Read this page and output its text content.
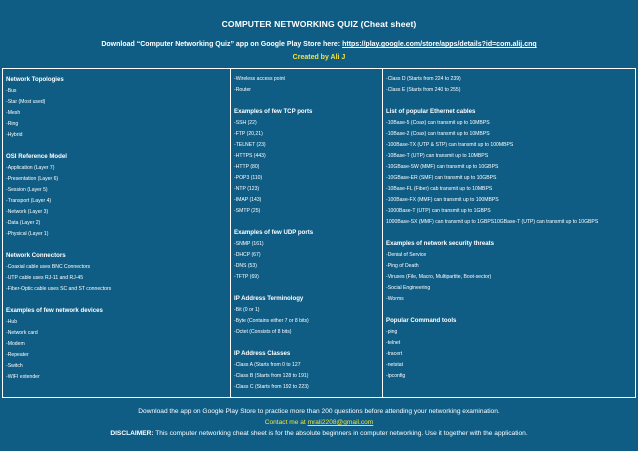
COMPUTER NETWORKING QUIZ (Cheat sheet)
Download “Computer Networking Quiz” app on Google Play Store here: https://play.google.com/store/apps/details?id=com.alij.cnq
Created by Ali J
Network Topologies
-Bus
-Star (Most used)
-Mesh
-Ring
-Hybrid
OSI Reference Model
-Application (Layer 7)
-Presentation (Layer 6)
-Session (Layer 5)
-Transport (Layer 4)
-Network (Layer 3)
-Data (Layer 2)
-Physical (Layer 1)
Network Connectors
-Coaxial cable uses BNC Connectors
-UTP cable uses RJ-11 and RJ-45
-Fiber-Optic cable uses SC and ST connectors
Examples of few network devices
-Hub
-Network card
-Modem
-Repeater
-Switch
-WIFI extender
-Wireless access point
-Router
Examples of few TCP ports
-SSH (22)
-FTP (20,21)
-TELNET (23)
-HTTPS (443)
-HTTP (80)
-POP3 (110)
-NTP (123)
-IMAP (143)
-SMTP (25)
Examples of few UDP ports
-SNMP (161)
-DHCP (67)
-DNS (53)
-TFTP (69)
IP Address Terminology
-Bit (0 or 1)
-Byte (Contains either 7 or 8 bits)
-Octet (Consists of 8 bits)
IP Address Classes
-Class A (Starts from 0 to 127
-Class B (Starts from 128 to 191)
-Class C (Starts from 192 to 223)
-Class D (Starts from 224 to 239)
-Class E (Starts from 240 to 255)
List of popular Ethernet cables
-10Base-5 (Coax) can transmit up to 10MBPS
-10Base-2 (Coax) can transmit up to 10MBPS
-100Base-TX (UTP & STP) can transmit up to 100MBPS
-10Base-T (UTP) can transmit up to 10MBPS
-10GBase-SW (MMF) can transmit up to 10GBPS
-10GBase-ER (SMF) can transmit up to 10GBPS
-10Base-FL (Fiber) cab transmit up to 10MBPS
-100Base-FX (MMF) can transmit up to 100MBPS
-1000Base-T (UTP) can transmit up to 1GBPS
1000Base-SX (MMF) can transmit up to 1GBPS10GBase-T (UTP) can transmit up to 10GBPS
Examples of network security threats
-Denial of Service
-Ping of Death
-Viruses (File, Macro, Multipartite, Boot-sector)
-Social Engineering
-Worms
Popular Command tools
-ping
-telnet
-tracert
-netstat
-ipconfig
Download the app on Google Play Store to practice more than 200 questions before attending your networking examination.
Contact me at mrali2208@gmail.com
DISCLAIMER: This computer networking cheat sheet is for the absolute beginners in computer networking. Use it together with the application.
